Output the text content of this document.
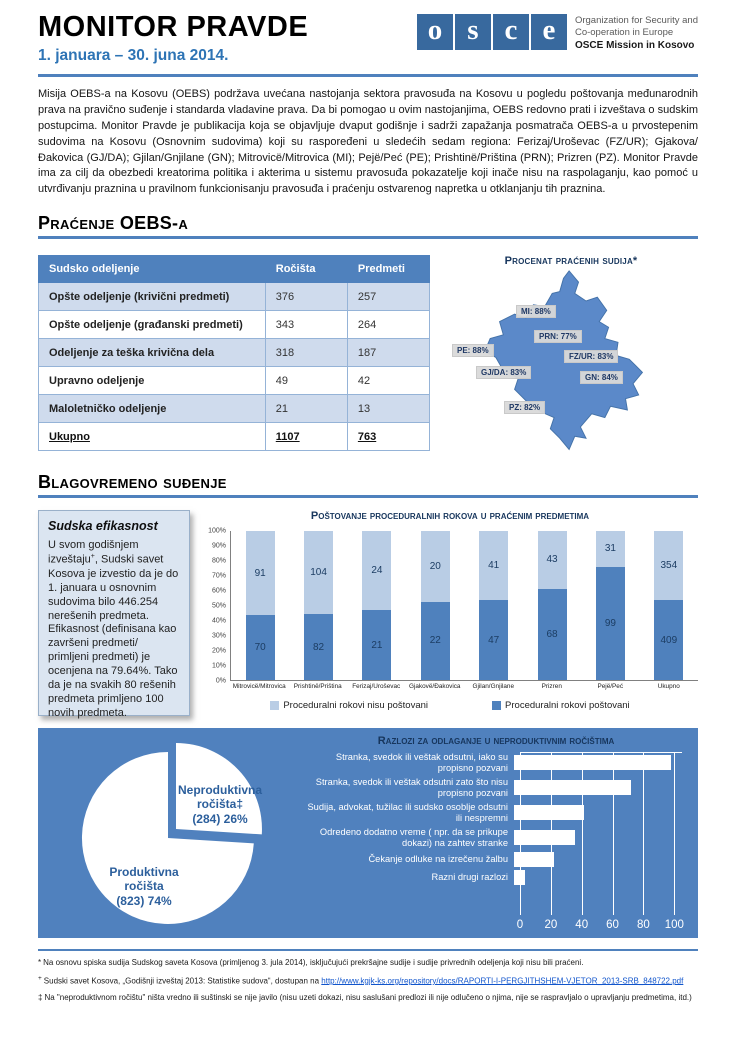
MONITOR PRAVDE
1. januara – 30. juna 2014.
o s c e	Organization for Security and
Co-operation in Europe
OSCE Mission in Kosovo

Misija OEBS-a na Kosovu (OEBS) podržava uvećana nastojanja sektora pravosuđa na Kosovu u pogledu poštovanja međunarodnih prava na pravično suđenje i standarda vladavine prava. Da bi pomogao u ovim nastojanjima, OEBS redovno prati i izveštava o sudskim postupcima. Monitor Pravde je publikacija koja se objavljuje dvaput godišnje i sadrži zapažanja posmatrača OEBS-a u prvostepenim sudovima na Kosovu (Osnovnim sudovima) koji su raspoređeni u sledećih sedam regiona: Ferizaj/Uroševac (FZ/UR); Gjakova/Đakovica (GJ/DA); Gjilan/Gnjilane (GN); Mitrovicë/Mitrovica (MI); Pejë/Peć (PE); Prishtinë/Priština (PRN); Prizren (PZ). Monitor Pravde ima za cilj da obezbedi kreatorima politika i akterima u sistemu pravosuđa pokazatelje koji inače nisu na raspolaganju, kao pomoć u utvrđivanju praznina u pravilnom funkcionisanju pravosuđa i praćenju ostvarenog napretka u otklanjanju tih praznina.

Praćenje OEBS-a
Sudsko odeljenje	Ročišta	Predmeti
Opšte odeljenje (krivični predmeti)	376	257
Opšte odeljenje (građanski predmeti)	343	264
Odeljenje za teška krivična dela	318	187
Upravno odeljenje	49	42
Maloletničko odeljenje	21	13
Ukupno	1107	763
Procenat praćenih sudija*
MI: 88%
PRN: 77%
PE: 88%
FZ/UR: 83%
GJ/DA: 83%
GN: 84%
PZ: 82%
Blagovremeno suđenje
Sudska efikasnost

U svom godišnjem izveštaju+, Sudski savet Kosova je izvestio da je do 1. januara u osnovnim sudovima bilo 446.254 nerešenih predmeta. Efikasnost (definisana kao završeni predmeti/ primljeni predmeti) je ocenjena na 79.64%. Tako da je na svakih 80 rešenih predmeta primljeno 100 novih predmeta.

Poštovanje proceduralnih rokova u praćenim predmetima
100%
90%
80%
70%
60%
50%
40%
30%
20%
10%
0%
91
70
104
82
24
21
20
22
41
47
43
68
31
99
354
409
Mitrovicë/Mitrovica	Prishtinë/Priština	Ferizaj/Uroševac	Gjakovë/Đakovica	Gjilan/Gnjilane	Prizren	Pejë/Peć	Ukupno
Proceduralni rokovi nisu poštovani	Proceduralni rokovi poštovani
Produktivna
ročišta
(823) 74%
Neproduktivna
ročišta‡
(284) 26%
Razlozi za odlaganje u neproduktivnim ročištima
Stranka, svedok ili veštak odsutni, iako su propisno pozvani
Stranka, svedok ili veštak odsutni zato što nisu propisno pozvani
Sudija, advokat, tužilac ili sudsko osoblje odsutni ili nespremni
Odredeno dodatno vreme ( npr. da se prikupe dokazi) na zahtev stranke
Čekanje odluke na izrečenu žalbu
Razni drugi razlozi
0 20 40 60 80 100

* Na osnovu spiska sudija Sudskog saveta Kosova (primljenog 3. jula 2014), isključujući prekršajne sudije i sudije privrednih odeljenja koji nisu bili praćeni.

+ Sudski savet Kosova, „Godišnji izveštaj 2013: Statistike sudova“, dostupan na http://www.kgjk-ks.org/repository/docs/RAPORTI-I-PERGJITHSHEM-VJETOR_2013-SRB_848722.pdf

‡ Na "neproduktivnom ročištu" ništa vredno ili suštinski se nije javilo (nisu uzeti dokazi, nisu saslušani predlozi ili nije odlučeno o njima, nije se raspravljalo o upravljanju predmetima, itd.)
